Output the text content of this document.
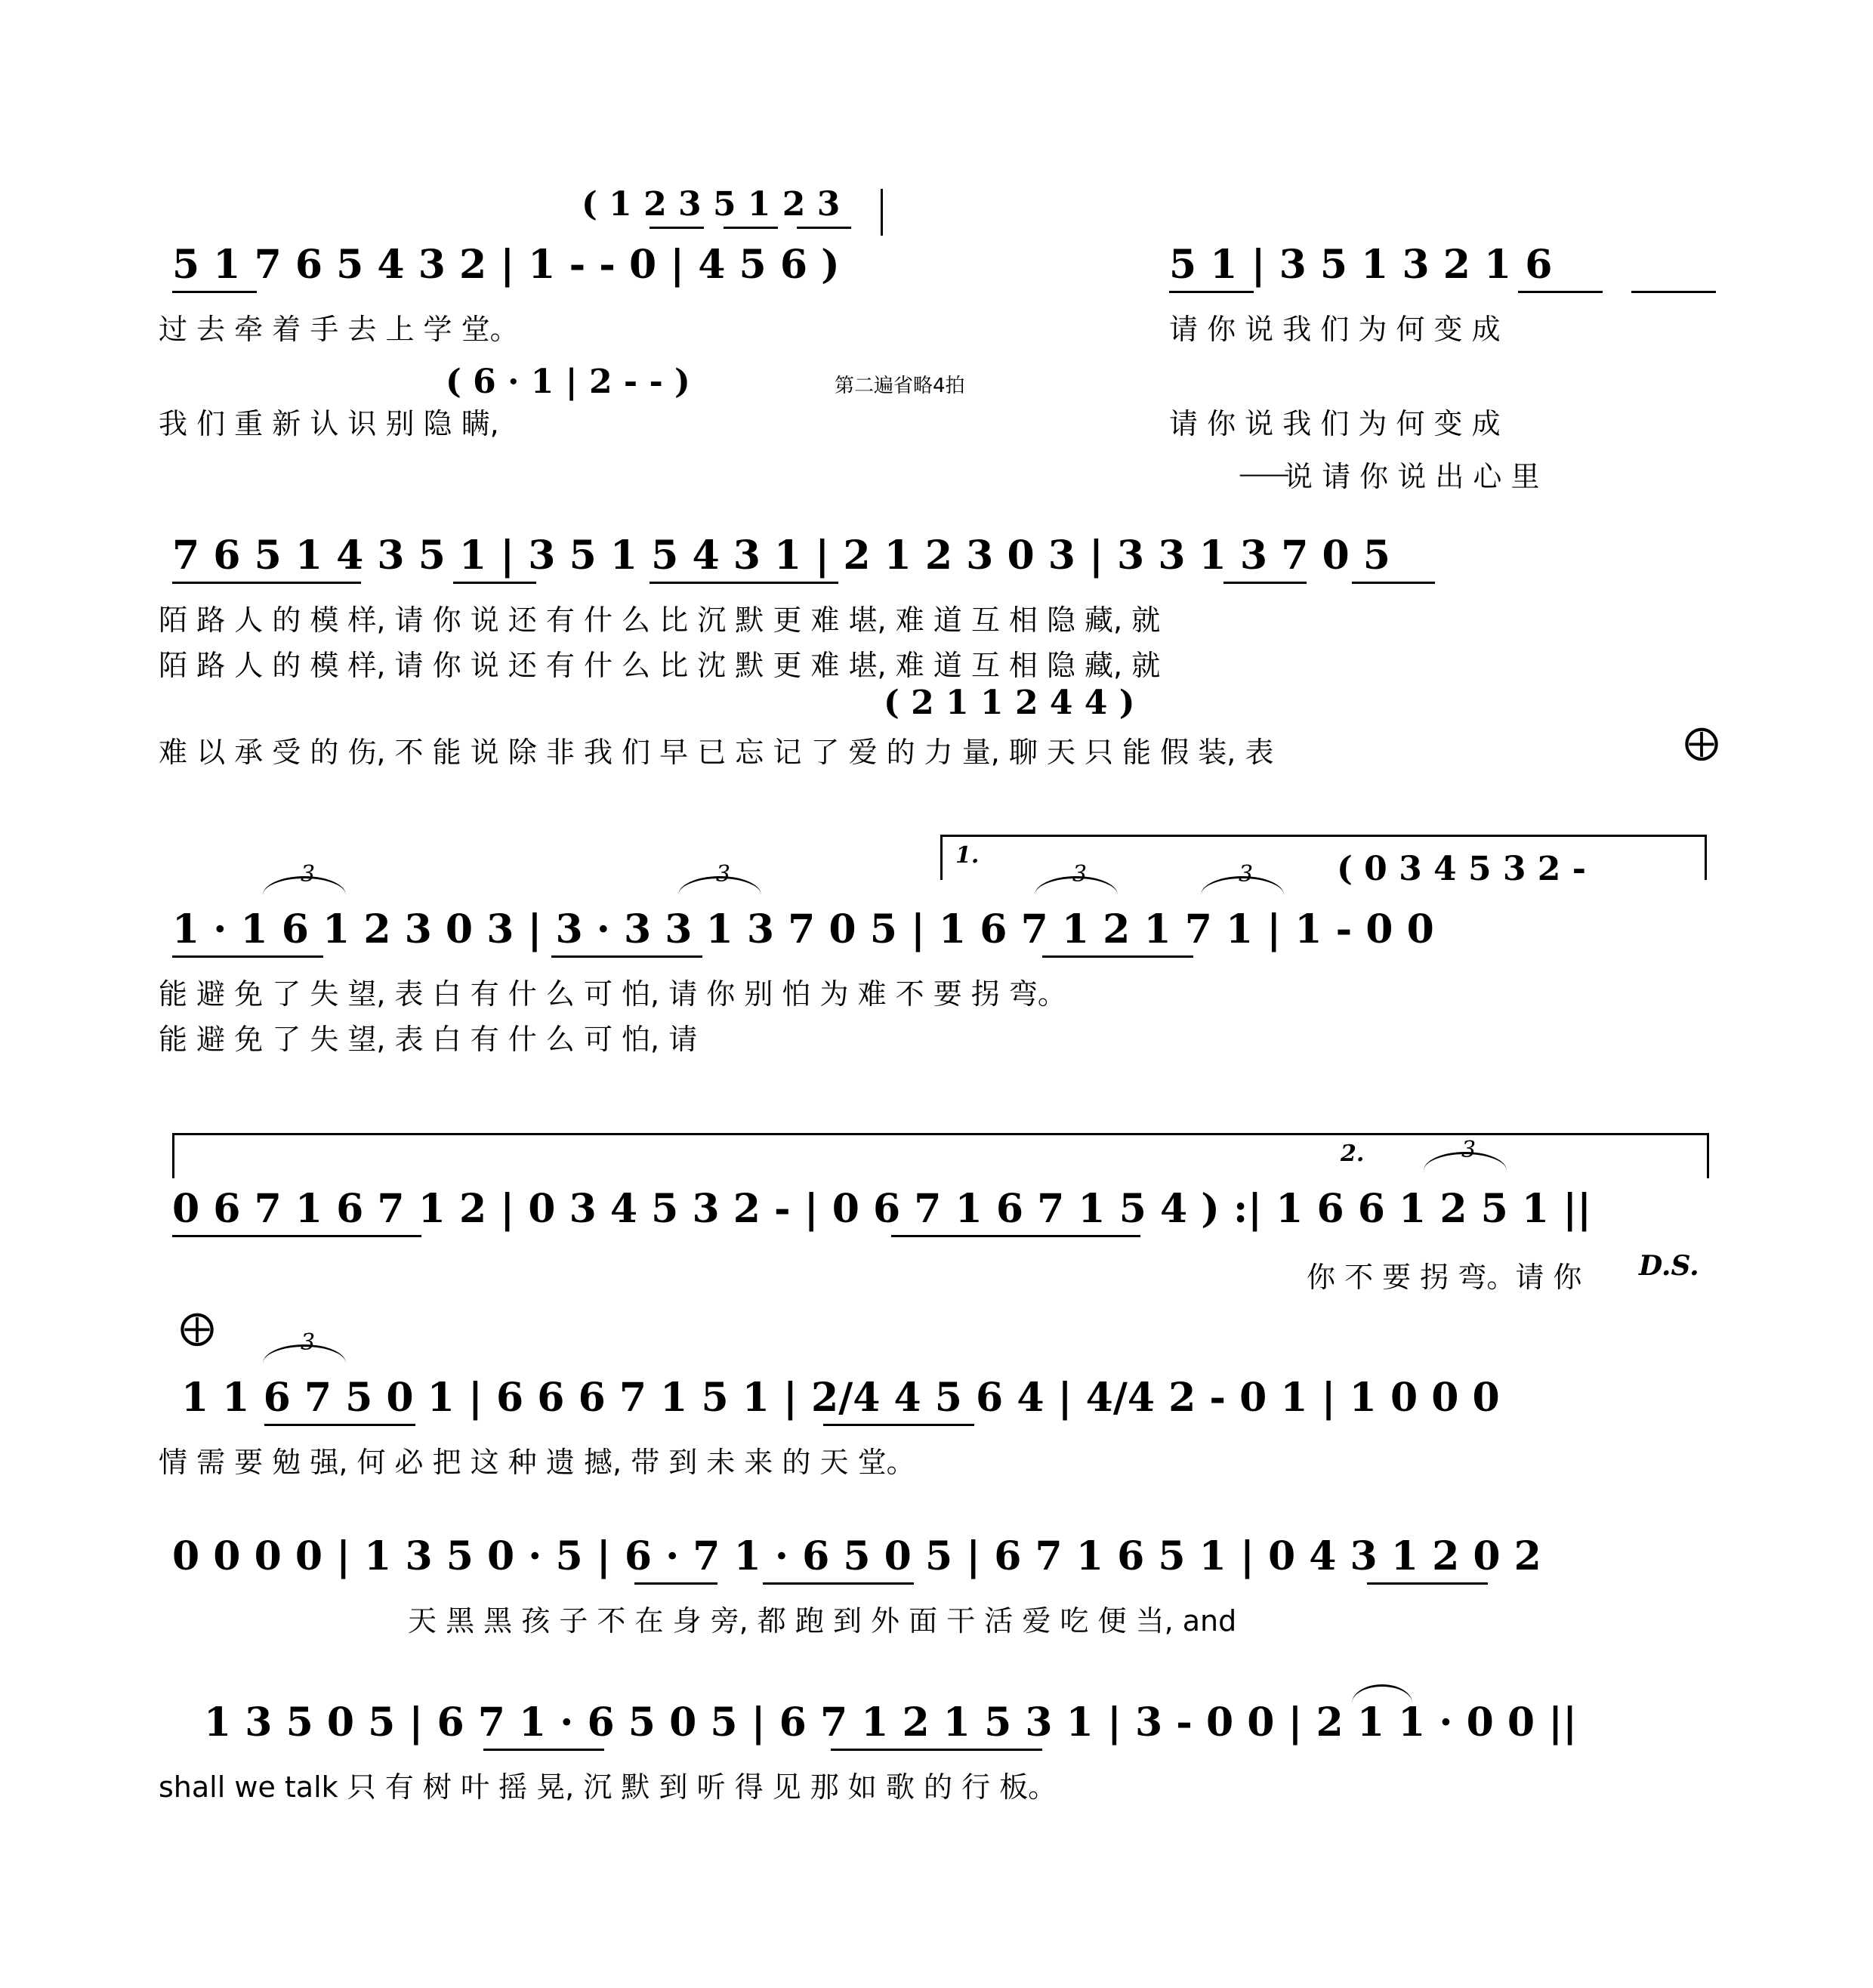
( 1 2 3 5 1 2 3
5 1 7 6 5 4 3 2 | 1 - - 0 | 4 5 6 )	5 1 | 3 5 1 3 2 1 6
过 去 牵 着 手 去 上 学 堂。	请 你 说 我 们 为 何 变 成
( 6 · 1 | 2 - - )	第二遍省略4拍
我 们 重 新 认 识 别 隐 瞒,	请 你 说 我 们 为 何 变 成
⸺
说 请 你 说 出 心 里
7 6 5 1 4 3 5 1 | 3 5 1 5 4 3 1 | 2 1 2 3 0 3 | 3 3 1 3 7 0 5
陌 路 人 的 模 样, 请 你 说 还 有 什 么 比 沉 默 更 难 堪, 难 道 互 相 隐 藏, 就
陌 路 人 的 模 样, 请 你 说 还 有 什 么 比 沈 默 更 难 堪, 难 道 互 相 隐 藏, 就
( 2 1 1 2 4 4 )
难 以 承 受 的 伤, 不 能 说 除 非 我 们 早 已 忘 记 了 爱 的 力 量, 聊 天 只 能 假 装, 表	⨁
1.	( 0 3 4 5 3 2 -
3	3	3	3
1 · 1 6 1 2 3 0 3 | 3 · 3 3 1 3 7 0 5 | 1 6 7 1 2 1 7 1 | 1 - 0 0
能 避 免 了 失 望, 表 白 有 什 么 可 怕, 请 你 别 怕 为 难 不 要 拐 弯。
能 避 免 了 失 望, 表 白 有 什 么 可 怕, 请
2.	3
0 6 7 1 6 7 1 2 | 0 3 4 5 3 2 - | 0 6 7 1 6 7 1 5 4 ) :| 1 6 6 1 2 5 1 ||
你 不 要 拐 弯。请 你 D.S.
⨁	3
1 1 6 7 5 0 1 | 6 6 6 7 1 5 1 | 2/4 4 5 6 4 | 4/4 2 - 0 1 | 1 0 0 0
情 需 要 勉 强, 何 必 把 这 种 遗 撼, 带 到 未 来 的 天 堂。
0 0 0 0 | 1 3 5 0 · 5 | 6 · 7 1 · 6 5 0 5 | 6 7 1 6 5 1 | 0 4 3 1 2 0 2
天 黑 黑 孩 子 不 在 身 旁, 都 跑 到 外 面 干 活 爱 吃 便 当, and
1 3 5 0 5 | 6 7 1 · 6 5 0 5 | 6 7 1 2 1 5 3 1 | 3 - 0 0 | 2 1 1 · 0 0 ||
shall we talk 只 有 树 叶 摇 晃, 沉 默 到 听 得 见 那 如 歌 的 行 板。
